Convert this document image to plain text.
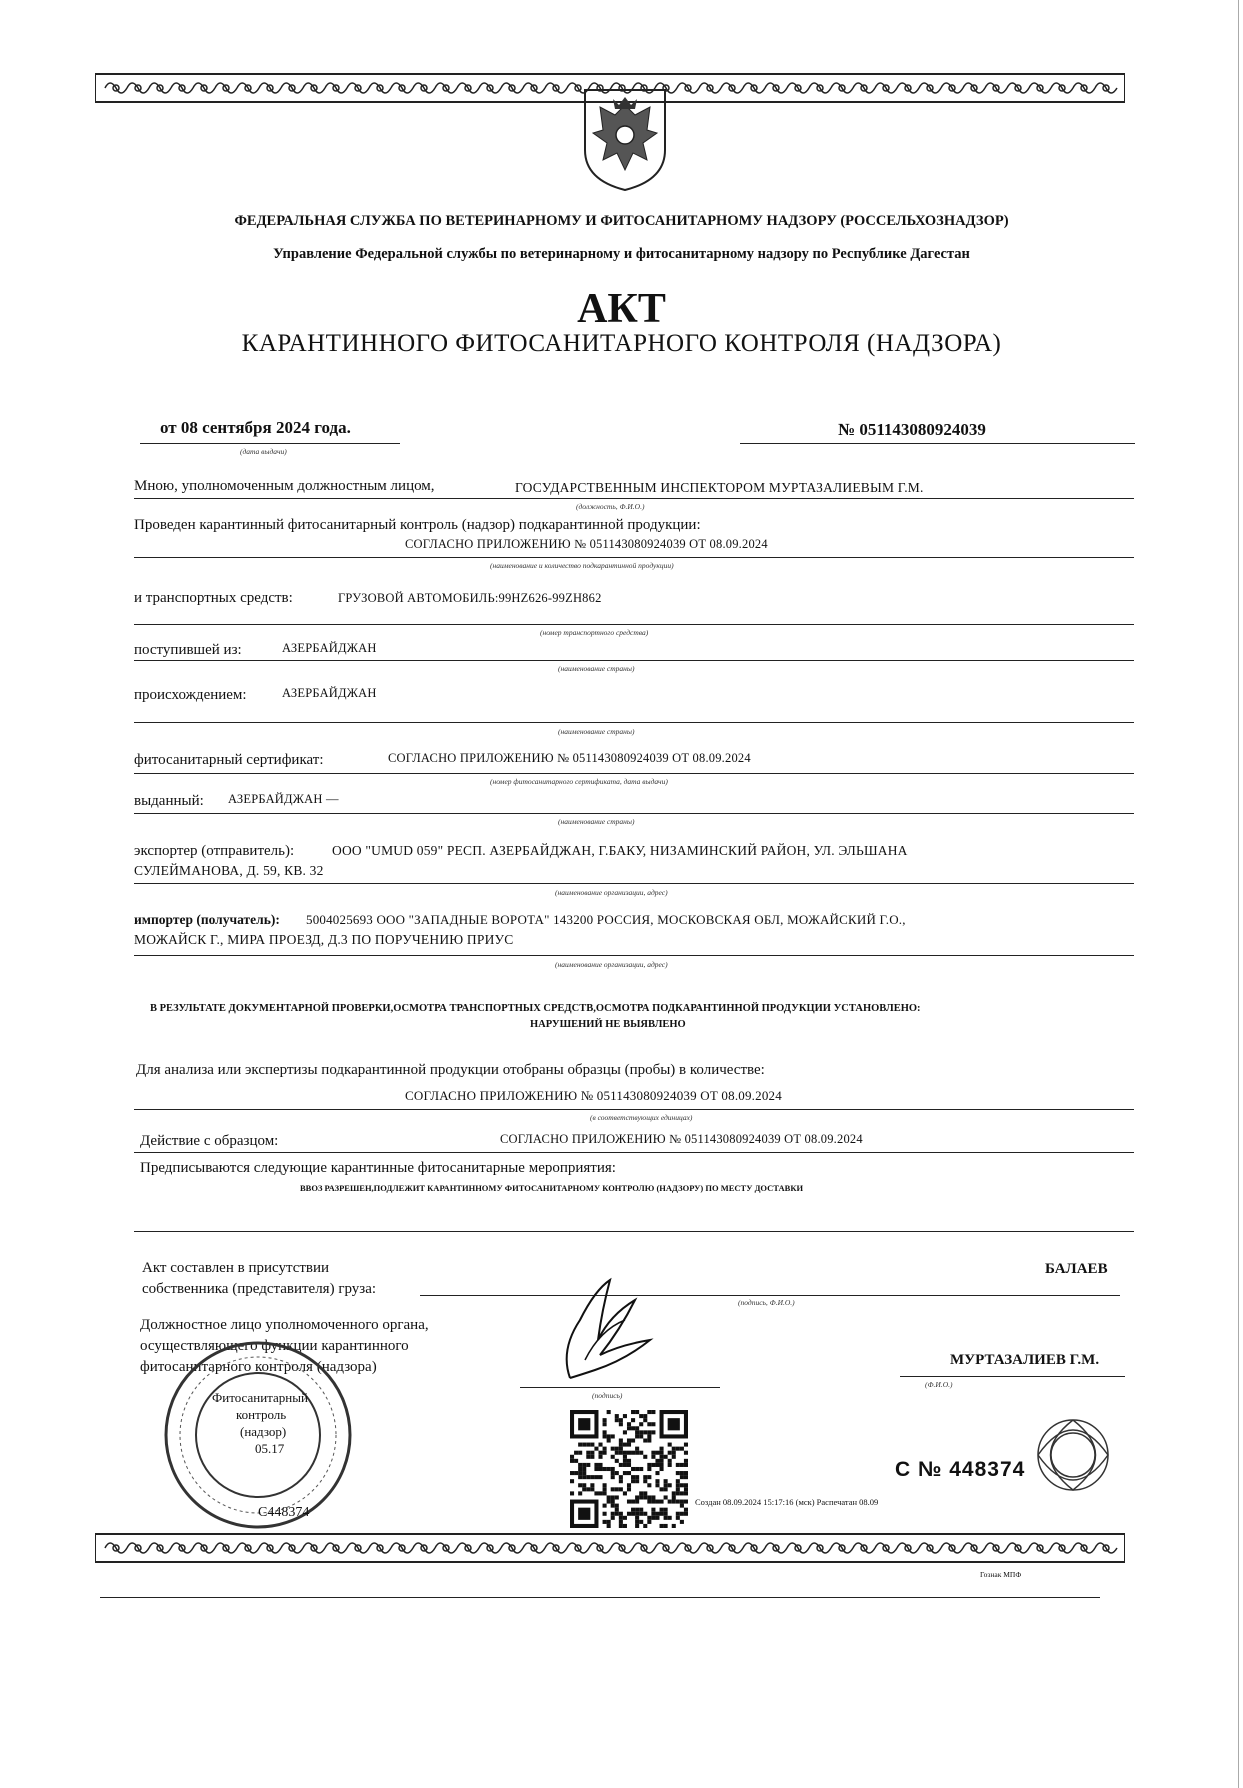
ФЕДЕРАЛЬНАЯ СЛУЖБА ПО ВЕТЕРИНАРНОМУ И ФИТОСАНИТАРНОМУ НАДЗОРУ (РОССЕЛЬХОЗНАДЗОР)
Управление Федеральной службы по ветеринарному и фитосанитарному надзору по Республике Дагестан
АКТ
КАРАНТИННОГО ФИТОСАНИТАРНОГО КОНТРОЛЯ (НАДЗОРА)
от 08 сентября 2024 года.
(дата выдачи)
№ 051143080924039
Мною, уполномоченным должностным лицом,	ГОСУДАРСТВЕННЫМ ИНСПЕКТОРОМ МУРТАЗАЛИЕВЫМ Г.М.
(должность, Ф.И.О.)
Проведен карантинный фитосанитарный контроль (надзор) подкарантинной продукции:
СОГЛАСНО ПРИЛОЖЕНИЮ № 051143080924039 ОТ 08.09.2024
(наименование и количество подкарантинной продукции)
и транспортных средств:	ГРУЗОВОЙ АВТОМОБИЛЬ:99HZ626-99ZH862
(номер транспортного средства)
поступившей из:	АЗЕРБАЙДЖАН
(наименование страны)
происхождением:	АЗЕРБАЙДЖАН
(наименование страны)
фитосанитарный сертификат:	СОГЛАСНО ПРИЛОЖЕНИЮ № 051143080924039 ОТ 08.09.2024
(номер фитосанитарного сертификата, дата выдачи)
выданный: АЗЕРБАЙДЖАН —
(наименование страны)
экспортер (отправитель):	ООО "UMUD 059" РЕСП. АЗЕРБАЙДЖАН, Г.БАКУ, НИЗАМИНСКИЙ РАЙОН, УЛ. ЭЛЬШАНА
СУЛЕЙМАНОВА, Д. 59, КВ. 32
(наименование организации, адрес)
импортер (получатель): 5004025693 ООО "ЗАПАДНЫЕ ВОРОТА" 143200 РОССИЯ, МОСКОВСКАЯ ОБЛ, МОЖАЙСКИЙ Г.О.,
МОЖАЙСК Г., МИРА ПРОЕЗД, Д.3 ПО ПОРУЧЕНИЮ ПРИУС
(наименование организации, адрес)
В РЕЗУЛЬТАТЕ ДОКУМЕНТАРНОЙ ПРОВЕРКИ,ОСМОТРА ТРАНСПОРТНЫХ СРЕДСТВ,ОСМОТРА ПОДКАРАНТИННОЙ ПРОДУКЦИИ УСТАНОВЛЕНО:
НАРУШЕНИЙ НЕ ВЫЯВЛЕНО
Для анализа или экспертизы подкарантинной продукции отобраны образцы (пробы) в количестве:
СОГЛАСНО ПРИЛОЖЕНИЮ № 051143080924039 ОТ 08.09.2024
(в соответствующих единицах)
Действие с образцом:	СОГЛАСНО ПРИЛОЖЕНИЮ № 051143080924039 ОТ 08.09.2024
Предписываются следующие карантинные фитосанитарные мероприятия:
ВВОЗ РАЗРЕШЕН,ПОДЛЕЖИТ КАРАНТИННОМУ ФИТОСАНИТАРНОМУ КОНТРОЛЮ (НАДЗОРУ) ПО МЕСТУ ДОСТАВКИ
Акт составлен в присутствии
собственника (представителя) груза:
БАЛАЕВ
(подпись, Ф.И.О.)
Должностное лицо уполномоченного органа,
осуществляющего функции карантинного
фитосанитарного контроля (надзора)
(подпись)
МУРТАЗАЛИЕВ Г.М.
(Ф.И.О.)
Фитосанитарный
контроль
(надзор)
05.17
С № 448374
Создан 08.09.2024 15:17:16 (мск) Распечатан 08.09
С448374
Гознак МПФ
